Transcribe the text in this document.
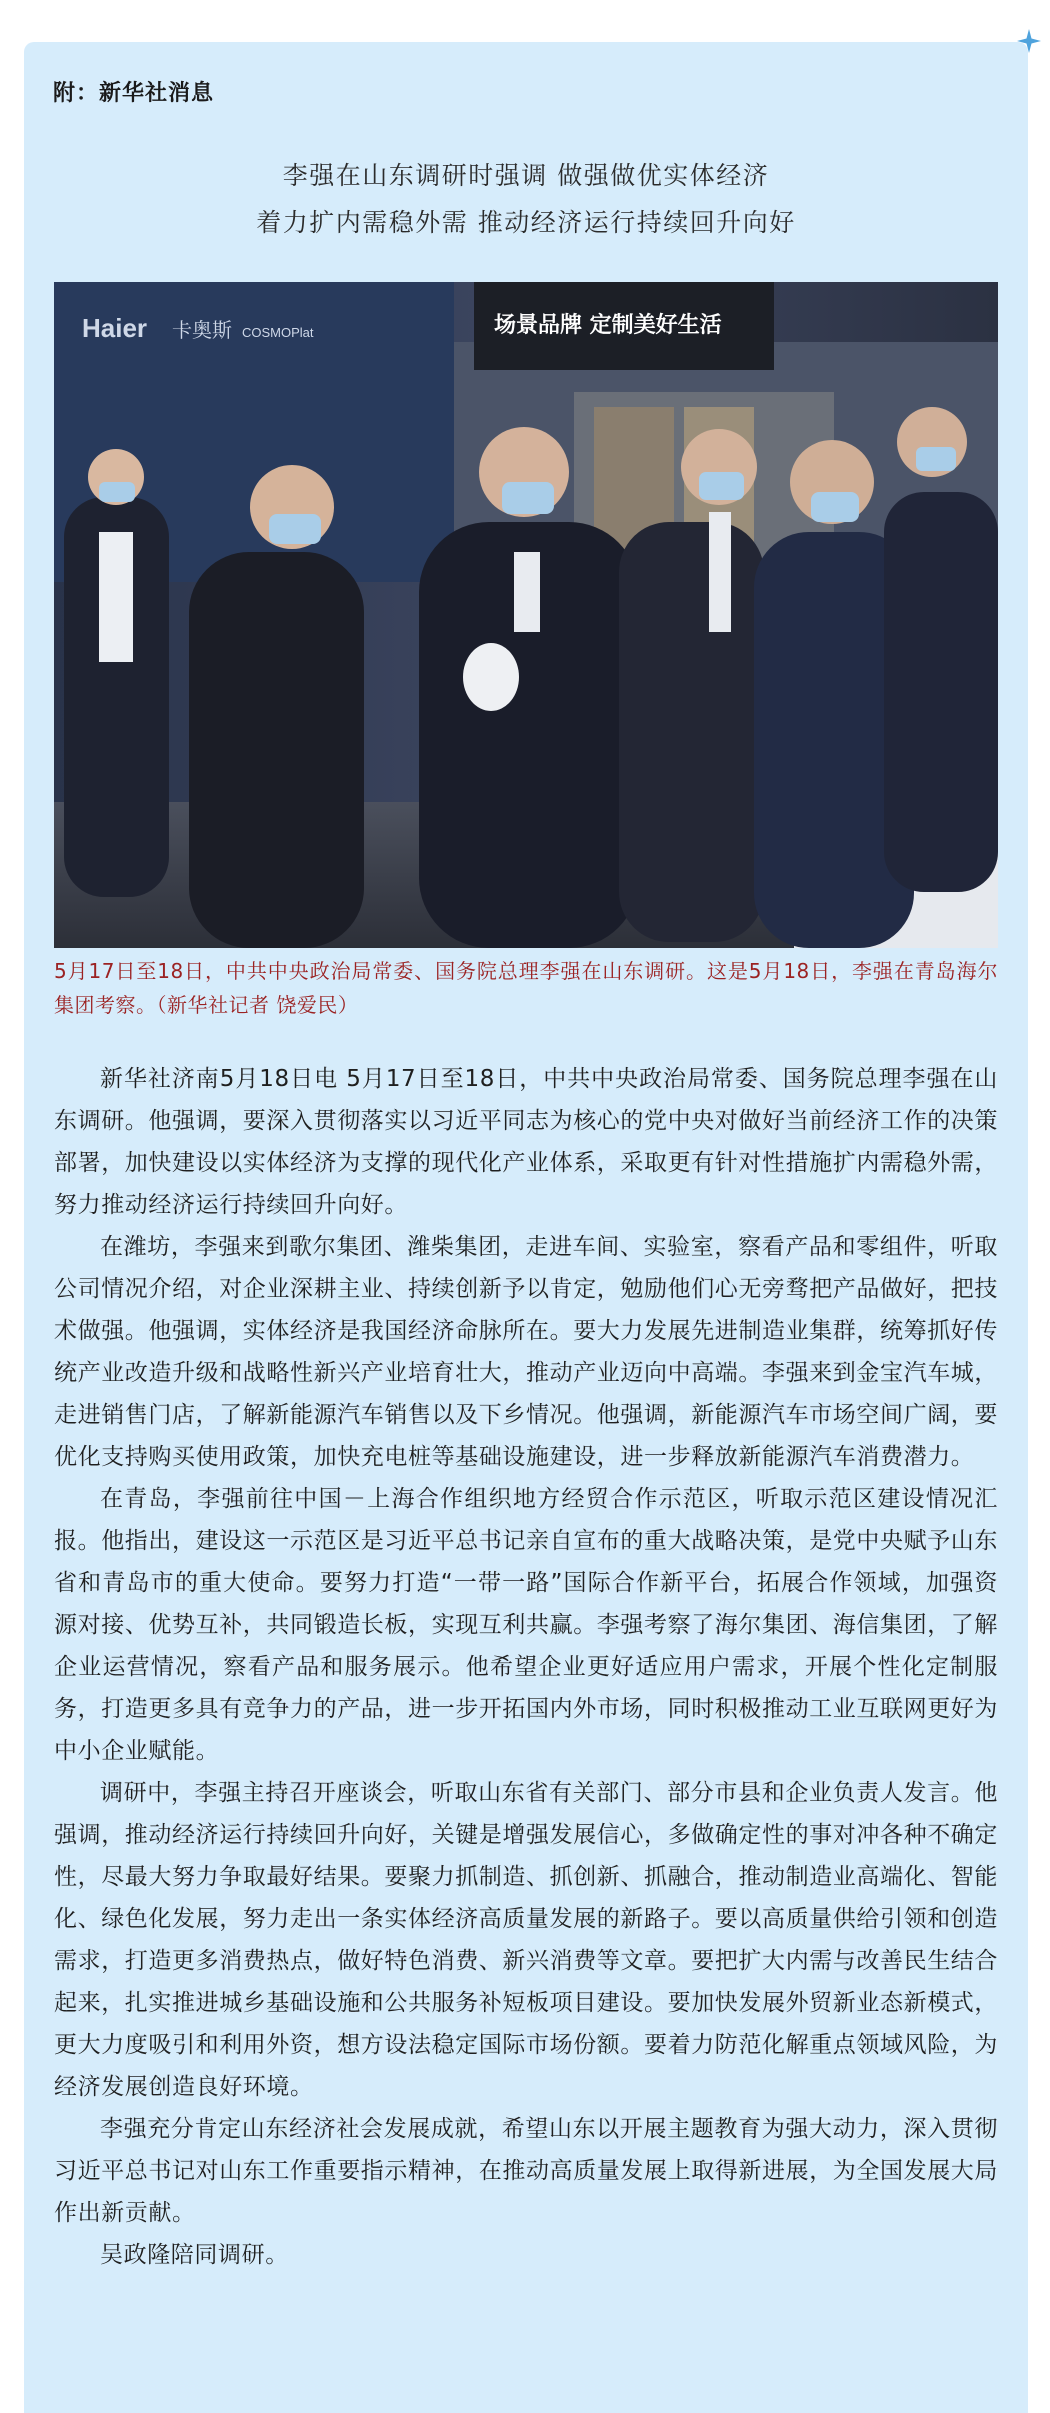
附：新华社消息
李强在山东调研时强调 做强做优实体经济
着力扩内需稳外需 推动经济运行持续回升向好
Haier 卡奥斯 COSMOPlat	场景品牌 定制美好生活
5月17日至18日，中共中央政治局常委、国务院总理李强在山东调研。这是5月18日，李强在青岛海尔集团考察。（新华社记者 饶爱民）

新华社济南5月18日电 5月17日至18日，中共中央政治局常委、国务院总理李强在山东调研。他强调，要深入贯彻落实以习近平同志为核心的党中央对做好当前经济工作的决策部署，加快建设以实体经济为支撑的现代化产业体系，采取更有针对性措施扩内需稳外需，努力推动经济运行持续回升向好。

在潍坊，李强来到歌尔集团、潍柴集团，走进车间、实验室，察看产品和零组件，听取公司情况介绍，对企业深耕主业、持续创新予以肯定，勉励他们心无旁骛把产品做好，把技术做强。他强调，实体经济是我国经济命脉所在。要大力发展先进制造业集群，统筹抓好传统产业改造升级和战略性新兴产业培育壮大，推动产业迈向中高端。李强来到金宝汽车城，走进销售门店，了解新能源汽车销售以及下乡情况。他强调，新能源汽车市场空间广阔，要优化支持购买使用政策，加快充电桩等基础设施建设，进一步释放新能源汽车消费潜力。

在青岛，李强前往中国－上海合作组织地方经贸合作示范区，听取示范区建设情况汇报。他指出，建设这一示范区是习近平总书记亲自宣布的重大战略决策，是党中央赋予山东省和青岛市的重大使命。要努力打造“一带一路”国际合作新平台，拓展合作领域，加强资源对接、优势互补，共同锻造长板，实现互利共赢。李强考察了海尔集团、海信集团，了解企业运营情况，察看产品和服务展示。他希望企业更好适应用户需求，开展个性化定制服务，打造更多具有竞争力的产品，进一步开拓国内外市场，同时积极推动工业互联网更好为中小企业赋能。

调研中，李强主持召开座谈会，听取山东省有关部门、部分市县和企业负责人发言。他强调，推动经济运行持续回升向好，关键是增强发展信心，多做确定性的事对冲各种不确定性，尽最大努力争取最好结果。要聚力抓制造、抓创新、抓融合，推动制造业高端化、智能化、绿色化发展，努力走出一条实体经济高质量发展的新路子。要以高质量供给引领和创造需求，打造更多消费热点，做好特色消费、新兴消费等文章。要把扩大内需与改善民生结合起来，扎实推进城乡基础设施和公共服务补短板项目建设。要加快发展外贸新业态新模式，更大力度吸引和利用外资，想方设法稳定国际市场份额。要着力防范化解重点领域风险，为经济发展创造良好环境。

李强充分肯定山东经济社会发展成就，希望山东以开展主题教育为强大动力，深入贯彻习近平总书记对山东工作重要指示精神，在推动高质量发展上取得新进展，为全国发展大局作出新贡献。

吴政隆陪同调研。
